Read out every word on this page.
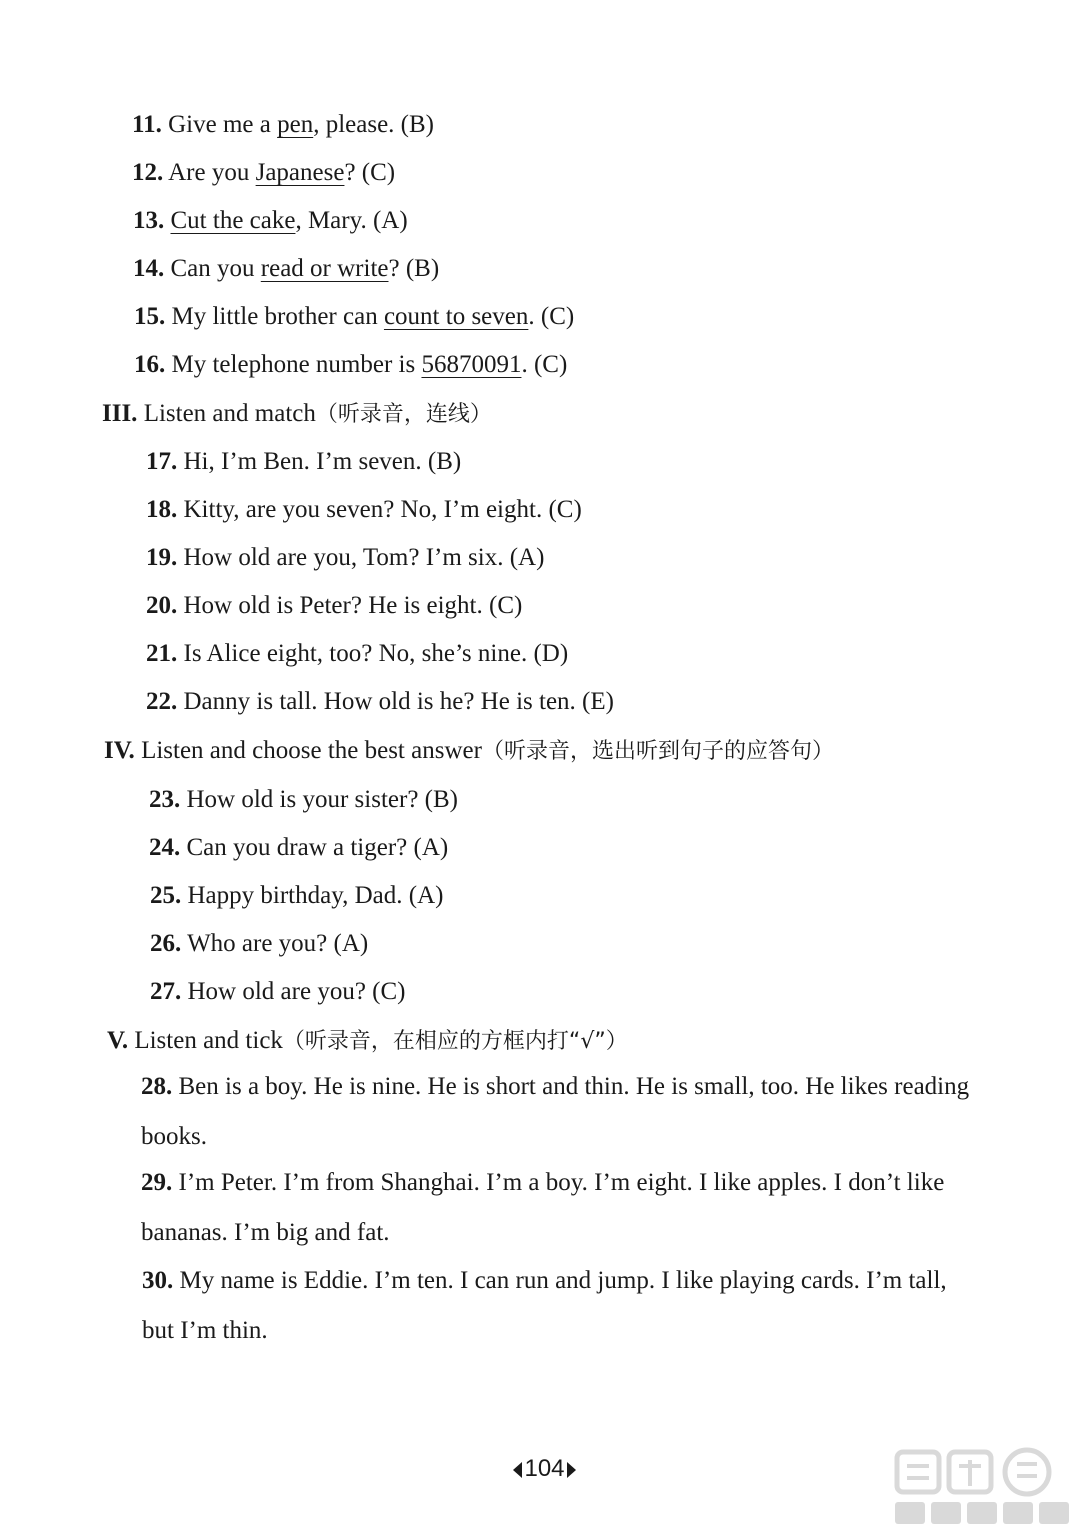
11. Give me a pen, please. (B)
12. Are you Japanese? (C)
13. Cut the cake, Mary. (A)
14. Can you read or write? (B)
15. My little brother can count to seven. (C)
16. My telephone number is 56870091. (C)
III. Listen and match（听录音，连线）
17. Hi, I’m Ben. I’m seven. (B)
18. Kitty, are you seven? No, I’m eight. (C)
19. How old are you, Tom? I’m six. (A)
20. How old is Peter? He is eight. (C)
21. Is Alice eight, too? No, she’s nine. (D)
22. Danny is tall. How old is he? He is ten. (E)
IV. Listen and choose the best answer（听录音，选出听到句子的应答句）
23. How old is your sister? (B)
24. Can you draw a tiger? (A)
25. Happy birthday, Dad. (A)
26. Who are you? (A)
27. How old are you? (C)
V. Listen and tick（听录音，在相应的方框内打“√”）
28. Ben is a boy. He is nine. He is short and thin. He is small, too. He likes reading books.
29. I’m Peter. I’m from Shanghai. I’m a boy. I’m eight. I like apples. I don’t like bananas. I’m big and fat.
30. My name is Eddie. I’m ten. I can run and jump. I like playing cards. I’m tall, but I’m thin.
104
